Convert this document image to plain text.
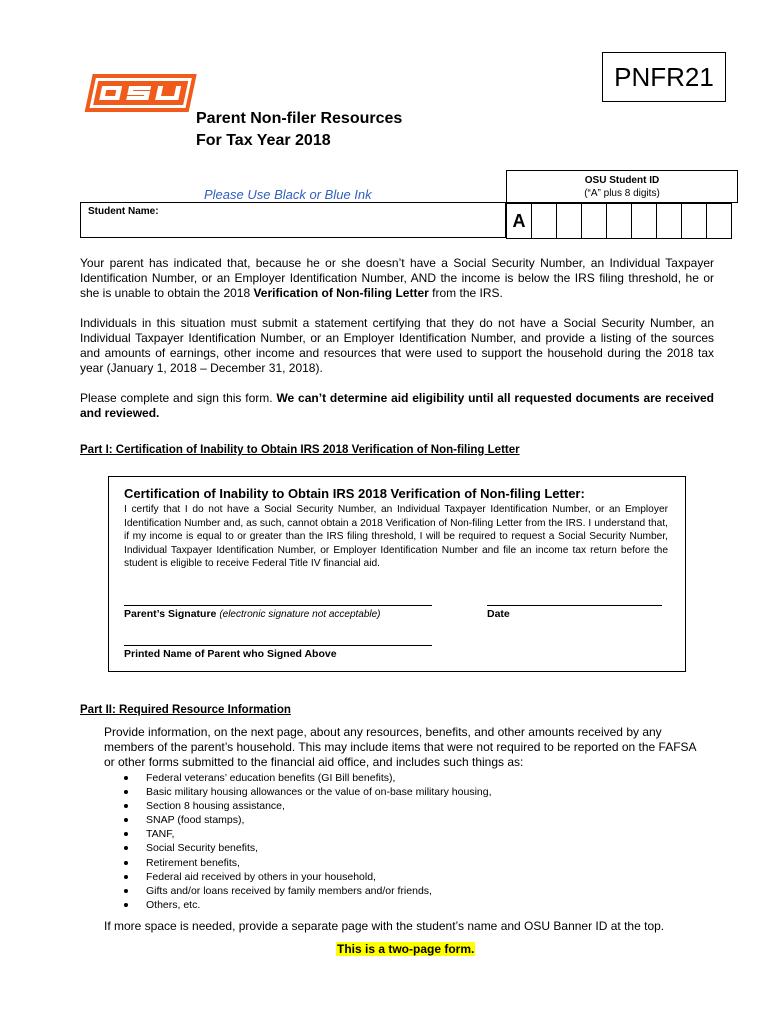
PNFR21
Parent Non-filer Resources
For Tax Year 2018
Please Use Black or Blue Ink
Student Name:
OSU Student ID
(“A” plus 8 digits)
A
Your parent has indicated that, because he or she doesn’t have a Social Security Number, an Individual Taxpayer Identification Number, or an Employer Identification Number, AND the income is below the IRS filing threshold, he or she is unable to obtain the 2018 Verification of Non-filing Letter from the IRS.
Individuals in this situation must submit a statement certifying that they do not have a Social Security Number, an Individual Taxpayer Identification Number, or an Employer Identification Number, and provide a listing of the sources and amounts of earnings, other income and resources that were used to support the household during the 2018 tax year (January 1, 2018 – December 31, 2018).
Please complete and sign this form. We can’t determine aid eligibility until all requested documents are received and reviewed.
Part I: Certification of Inability to Obtain IRS 2018 Verification of Non-filing Letter
Certification of Inability to Obtain IRS 2018 Verification of Non-filing Letter:
I certify that I do not have a Social Security Number, an Individual Taxpayer Identification Number, or an Employer Identification Number and, as such, cannot obtain a 2018 Verification of Non-filing Letter from the IRS. I understand that, if my income is equal to or greater than the IRS filing threshold, I will be required to request a Social Security Number, Individual Taxpayer Identification Number, or Employer Identification Number and file an income tax return before the student is eligible to receive Federal Title IV financial aid.
Parent’s Signature (electronic signature not acceptable)	Date
Printed Name of Parent who Signed Above
Part II: Required Resource Information
Provide information, on the next page, about any resources, benefits, and other amounts received by any members of the parent’s household. This may include items that were not required to be reported on the FAFSA or other forms submitted to the financial aid office, and includes such things as:
Federal veterans’ education benefits (GI Bill benefits),
Basic military housing allowances or the value of on-base military housing,
Section 8 housing assistance,
SNAP (food stamps),
TANF,
Social Security benefits,
Retirement benefits,
Federal aid received by others in your household,
Gifts and/or loans received by family members and/or friends,
Others, etc.
If more space is needed, provide a separate page with the student’s name and OSU Banner ID at the top.
This is a two-page form.
